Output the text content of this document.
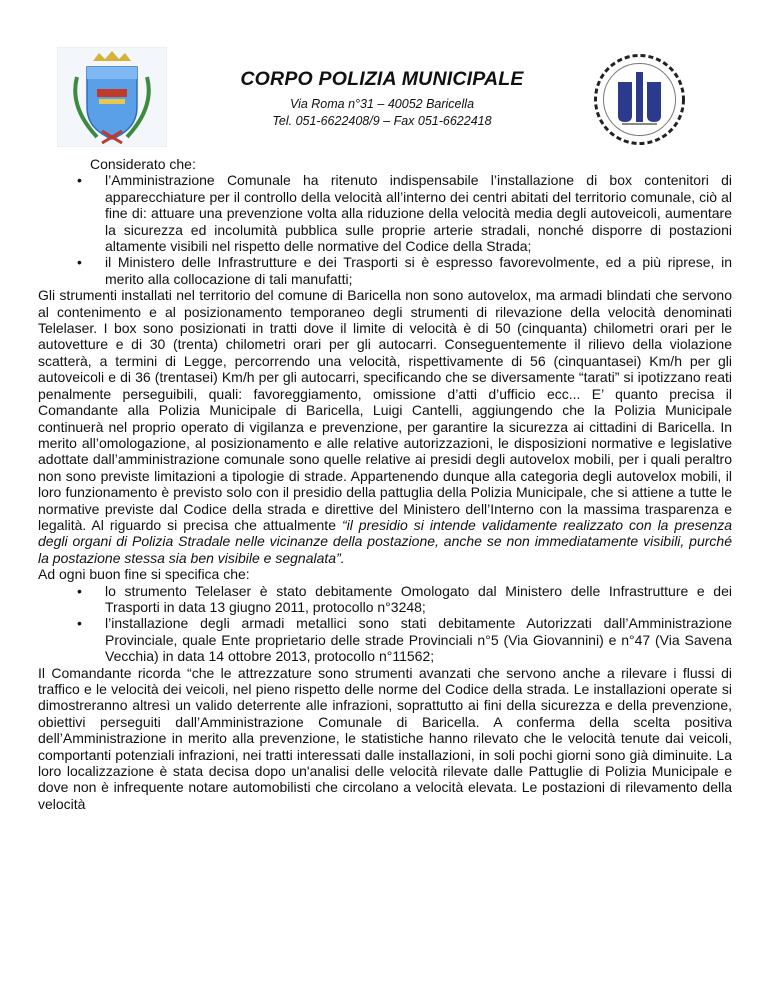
CORPO POLIZIA MUNICIPALE
Via Roma n°31 – 40052 Baricella
Tel. 051-6622408/9 – Fax 051-6622418

Considerato che:

• l’Amministrazione Comunale ha ritenuto indispensabile l’installazione di box contenitori di apparecchiature per il controllo della velocità all’interno dei centri abitati del territorio comunale, ciò al fine di: attuare una prevenzione volta alla riduzione della velocità media degli autoveicoli, aumentare la sicurezza ed incolumità pubblica sulle proprie arterie stradali, nonché disporre di postazioni altamente visibili nel rispetto delle normative del Codice della Strada;
• il Ministero delle Infrastrutture e dei Trasporti si è espresso favorevolmente, ed a più riprese, in merito alla collocazione di tali manufatti;

Gli strumenti installati nel territorio del comune di Baricella non sono autovelox, ma armadi blindati che servono al contenimento e al posizionamento temporaneo degli strumenti di rilevazione della velocità denominati Telelaser. I box sono posizionati in tratti dove il limite di velocità è di 50 (cinquanta) chilometri orari per le autovetture e di 30 (trenta) chilometri orari per gli autocarri. Conseguentemente il rilievo della violazione scatterà, a termini di Legge, percorrendo una velocità, rispettivamente di 56 (cinquantasei) Km/h per gli autoveicoli e di 36 (trentasei) Km/h per gli autocarri, specificando che se diversamente “tarati” si ipotizzano reati penalmente perseguibili, quali: favoreggiamento, omissione d’atti d’ufficio ecc... E’ quanto precisa il Comandante alla Polizia Municipale di Baricella, Luigi Cantelli, aggiungendo che la Polizia Municipale continuerà nel proprio operato di vigilanza e prevenzione, per garantire la sicurezza ai cittadini di Baricella. In merito all’omologazione, al posizionamento e alle relative autorizzazioni, le disposizioni normative e legislative adottate dall’amministrazione comunale sono quelle relative ai presidi degli autovelox mobili, per i quali peraltro non sono previste limitazioni a tipologie di strade. Appartenendo dunque alla categoria degli autovelox mobili, il loro funzionamento è previsto solo con il presidio della pattuglia della Polizia Municipale, che si attiene a tutte le normative previste dal Codice della strada e direttive del Ministero dell’Interno con la massima trasparenza e legalità. Al riguardo si precisa che attualmente “il presidio si intende validamente realizzato con la presenza degli organi di Polizia Stradale nelle vicinanze della postazione, anche se non immediatamente visibili, purché la postazione stessa sia ben visibile e segnalata”.

Ad ogni buon fine si specifica che:

• lo strumento Telelaser è stato debitamente Omologato dal Ministero delle Infrastrutture e dei Trasporti in data 13 giugno 2011, protocollo n°3248;
• l’installazione degli armadi metallici sono stati debitamente Autorizzati dall’Amministrazione Provinciale, quale Ente proprietario delle strade Provinciali n°5 (Via Giovannini) e n°47 (Via Savena Vecchia) in data 14 ottobre 2013, protocollo n°11562;

Il Comandante ricorda “che le attrezzature sono strumenti avanzati che servono anche a rilevare i flussi di traffico e le velocità dei veicoli, nel pieno rispetto delle norme del Codice della strada. Le installazioni operate si dimostreranno altresì un valido deterrente alle infrazioni, soprattutto ai fini della sicurezza e della prevenzione, obiettivi perseguiti dall’Amministrazione Comunale di Baricella. A conferma della scelta positiva dell’Amministrazione in merito alla prevenzione, le statistiche hanno rilevato che le velocità tenute dai veicoli, comportanti potenziali infrazioni, nei tratti interessati dalle installazioni, in soli pochi giorni sono già diminuite. La loro localizzazione è stata decisa dopo un'analisi delle velocità rilevate dalle Pattuglie di Polizia Municipale e dove non è infrequente notare automobilisti che circolano a velocità elevata. Le postazioni di rilevamento della velocità
